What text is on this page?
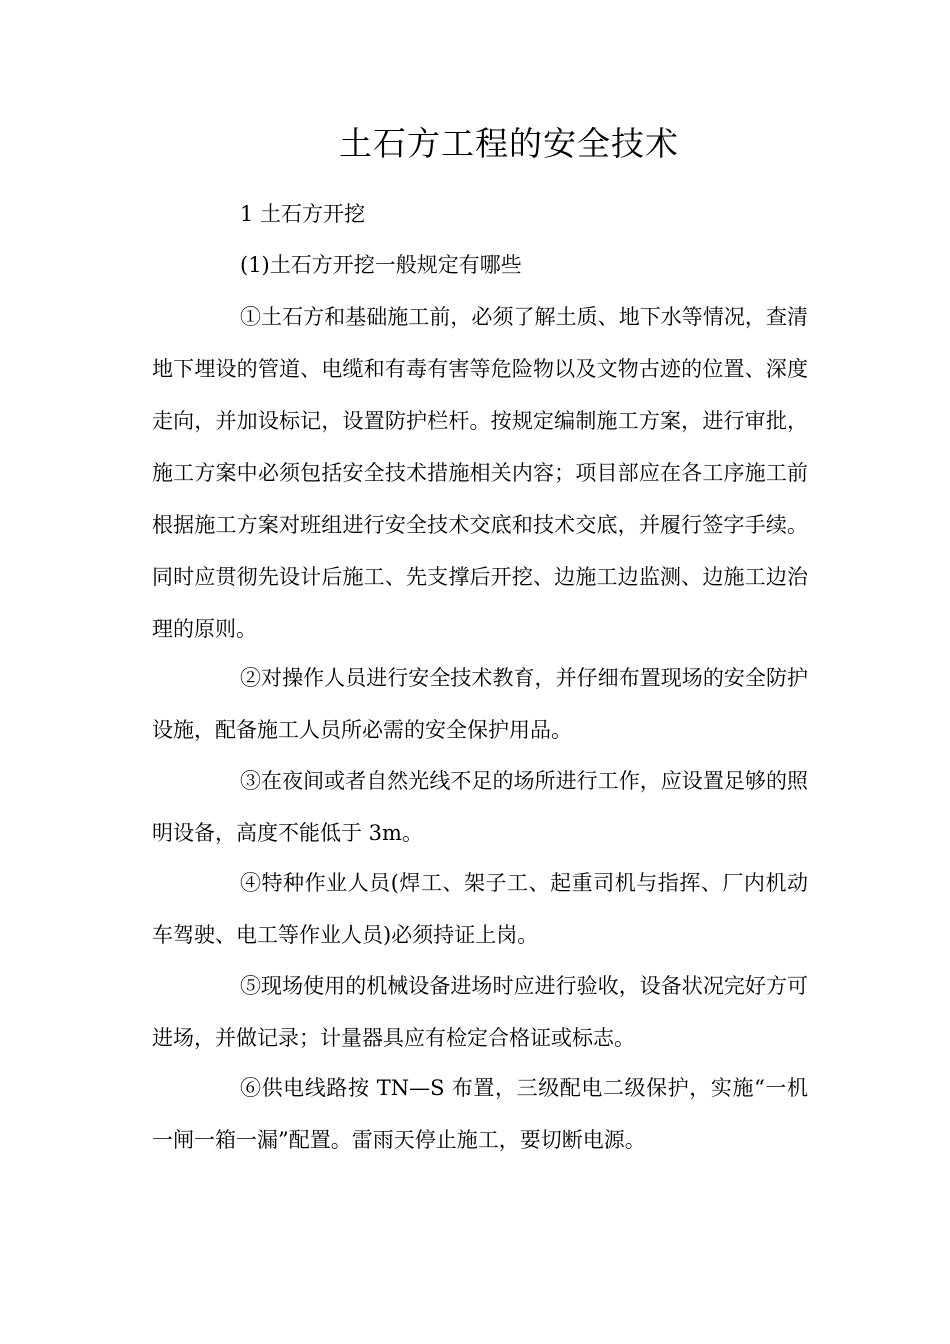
土石方工程的安全技术

1 土石方开挖

(1)土石方开挖一般规定有哪些

①土石方和基础施工前，必须了解土质、地下水等情况，查清地下埋设的管道、电缆和有毒有害等危险物以及文物古迹的位置、深度走向，并加设标记，设置防护栏杆。按规定编制施工方案，进行审批，施工方案中必须包括安全技术措施相关内容；项目部应在各工序施工前根据施工方案对班组进行安全技术交底和技术交底，并履行签字手续。同时应贯彻先设计后施工、先支撑后开挖、边施工边监测、边施工边治理的原则。

②对操作人员进行安全技术教育，并仔细布置现场的安全防护设施，配备施工人员所必需的安全保护用品。

③在夜间或者自然光线不足的场所进行工作，应设置足够的照明设备，高度不能低于 3m。

④特种作业人员(焊工、架子工、起重司机与指挥、厂内机动车驾驶、电工等作业人员)必须持证上岗。

⑤现场使用的机械设备进场时应进行验收，设备状况完好方可进场，并做记录；计量器具应有检定合格证或标志。

⑥供电线路按 TN—S 布置，三级配电二级保护，实施“一机一闸一箱一漏”配置。雷雨天停止施工，要切断电源。
